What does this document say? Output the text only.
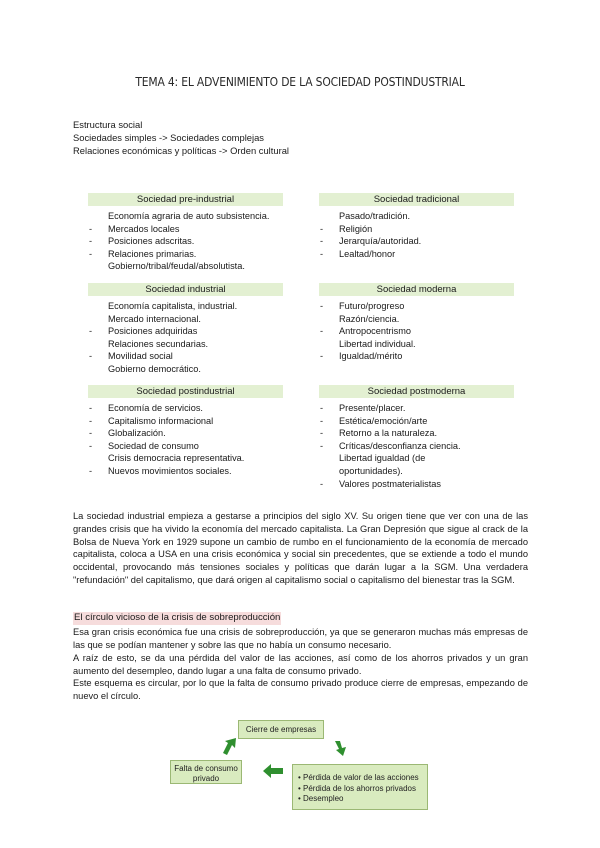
TEMA 4: EL ADVENIMIENTO DE LA SOCIEDAD POSTINDUSTRIAL
Estructura social
Sociedades simples -> Sociedades complejas
Relaciones económicas y políticas -> Orden cultural
Sociedad pre-industrial
Economía agraria de auto subsistencia.
- Mercados locales
- Posiciones adscritas.
- Relaciones primarias.
Gobierno/tribal/feudal/absolutista.
Sociedad industrial
Economía capitalista, industrial.
Mercado internacional.
- Posiciones adquiridas
Relaciones secundarias.
- Movilidad social
Gobierno democrático.
Sociedad postindustrial
- Economía de servicios.
- Capitalismo informacional
- Globalización.
- Sociedad de consumo
Crisis democracia representativa.
- Nuevos movimientos sociales.
Sociedad tradicional
Pasado/tradición.
- Religión
- Jerarquía/autoridad.
- Lealtad/honor
Sociedad moderna
- Futuro/progreso
Razón/ciencia.
- Antropocentrismo
Libertad individual.
- Igualdad/mérito
Sociedad postmoderna
- Presente/placer.
- Estética/emoción/arte
- Retorno a la naturaleza.
- Críticas/desconfianza ciencia.
Libertad igualdad (de
oportunidades).
- Valores postmaterialistas
La sociedad industrial empieza a gestarse a principios del siglo XV. Su origen tiene que ver con una de las grandes crisis que ha vivido la economía del mercado capitalista. La Gran Depresión que sigue al crack de la Bolsa de Nueva York en 1929 supone un cambio de rumbo en el funcionamiento de la economía de mercado capitalista, coloca a USA en una crisis económica y social sin precedentes, que se extiende a todo el mundo occidental, provocando más tensiones sociales y políticas que darán lugar a la SGM. Una verdadera "refundación" del capitalismo, que dará origen al capitalismo social o capitalismo del bienestar tras la SGM.
El círculo vicioso de la crisis de sobreproducción
Esa gran crisis económica fue una crisis de sobreproducción, ya que se generaron muchas más empresas de las que se podían mantener y sobre las que no había un consumo necesario.
A raíz de esto, se da una pérdida del valor de las acciones, así como de los ahorros privados y un gran aumento del desempleo, dando lugar a una falta de consumo privado.
Este esquema es circular, por lo que la falta de consumo privado produce cierre de empresas, empezando de nuevo el círculo.
Cierre de empresas
Falta de consumo privado	• Pérdida de valor de las acciones
• Pérdida de los ahorros privados
• Desempleo
